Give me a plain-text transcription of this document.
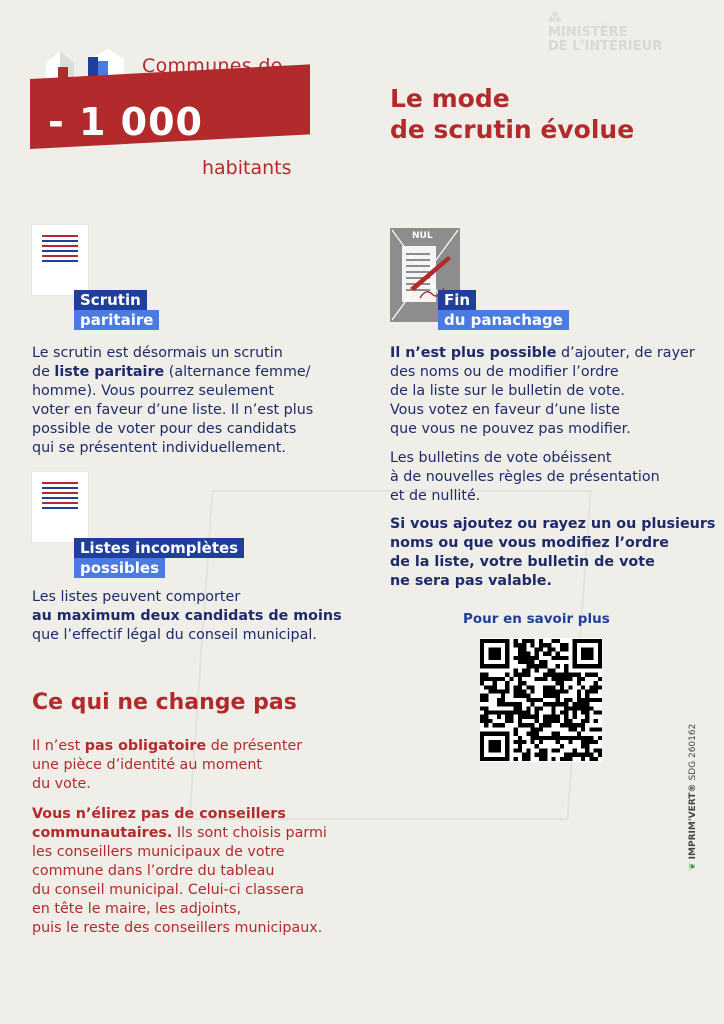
⁂
MINISTÈRE
DE L'INTÉRIEUR
Communes de
- 1 000
habitants
Le mode
de scrutin évolue
Scrutin
paritaire
Le scrutin est désormais un scrutin
de liste paritaire (alternance femme/
homme). Vous pourrez seulement
voter en faveur d’une liste. Il n’est plus
possible de voter pour des candidats
qui se présentent individuellement.
Listes incomplètes
possibles
Les listes peuvent comporter
au maximum deux candidats de moins
que l’effectif légal du conseil municipal.
Ce qui ne change pas
Il n’est pas obligatoire de présenter
une pièce d’identité au moment
du vote.
Vous n’élirez pas de conseillers
communautaires. Ils sont choisis parmi
les conseillers municipaux de votre
commune dans l’ordre du tableau
du conseil municipal. Celui-ci classera
en tête le maire, les adjoints,
puis le reste des conseillers municipaux.
NUL
Fin
du panachage
Il n’est plus possible d’ajouter, de rayer
des noms ou de modifier l’ordre
de la liste sur le bulletin de vote.
Vous votez en faveur d’une liste
que vous ne pouvez pas modifier.
Les bulletins de vote obéissent
à de nouvelles règles de présentation
et de nullité.
Si vous ajoutez ou rayez un ou plusieurs
noms ou que vous modifiez l’ordre
de la liste, votre bulletin de vote
ne sera pas valable.
Pour en savoir plus
❦ IMPRIM'VERT® SDG 260162
